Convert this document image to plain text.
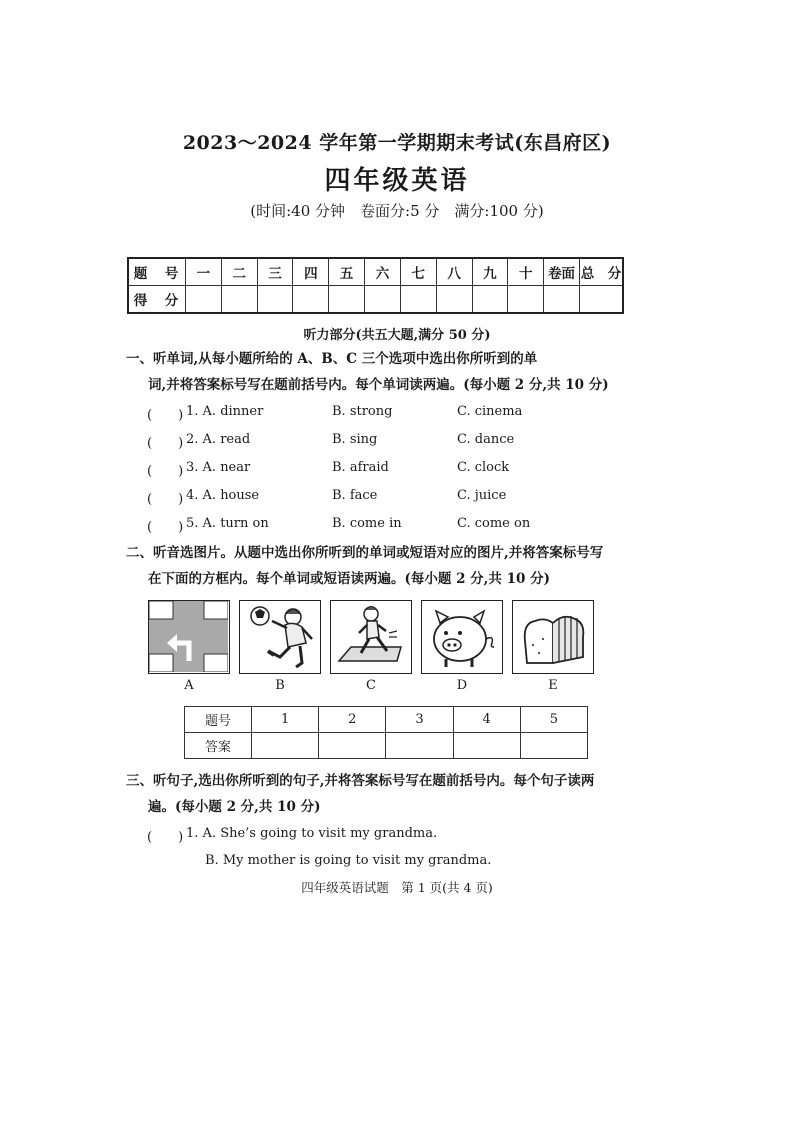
2023～2024 学年第一学期期末考试(东昌府区)
四年级英语
(时间:40 分钟　卷面分:5 分　满分:100 分)
题　号	一	二	三	四	五	六	七	八	九	十	卷面	总　分
得　分												
听力部分(共五大题,满分 50 分)
一、听单词,从每小题所给的 A、B、C 三个选项中选出你所听到的单
词,并将答案标号写在题前括号内。每个单词读两遍。(每小题 2 分,共 10 分)
(　　) 1. A. dinner	B. strong	C. cinema
(　　) 2. A. read	B. sing	C. dance
(　　) 3. A. near	B. afraid	C. clock
(　　) 4. A. house	B. face	C. juice
(　　) 5. A. turn on	B. come in	C. come on
二、听音选图片。从题中选出你所听到的单词或短语对应的图片,并将答案标号写
在下面的方框内。每个单词或短语读两遍。(每小题 2 分,共 10 分)
A	B	C	D	E
题号	1	2	3	4	5
答案					
三、听句子,选出你所听到的句子,并将答案标号写在题前括号内。每个句子读两
遍。(每小题 2 分,共 10 分)
(　　) 1. A. She’s going to visit my grandma.
B. My mother is going to visit my grandma.
四年级英语试题　第 1 页(共 4 页)
